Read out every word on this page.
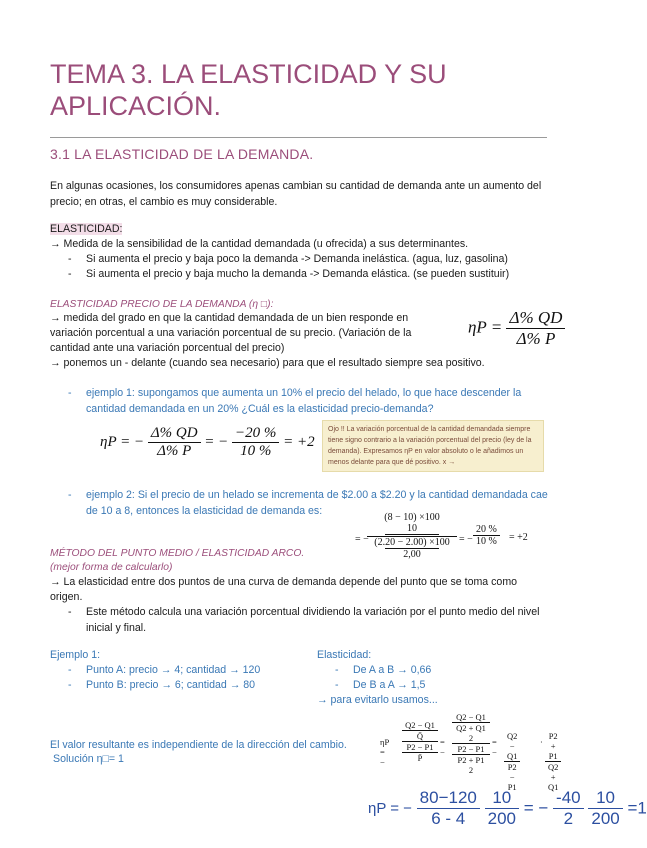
TEMA 3. LA ELASTICIDAD Y SU APLICACIÓN.
3.1 LA ELASTICIDAD DE LA DEMANDA.
En algunas ocasiones, los consumidores apenas cambian su cantidad de demanda ante un aumento del precio; en otras, el cambio es muy considerable.
ELASTICIDAD:
→ Medida de la sensibilidad de la cantidad demandada (u ofrecida) a sus determinantes.
- Si aumenta el precio y baja poco la demanda -> Demanda inelástica. (agua, luz, gasolina)
- Si aumenta el precio y baja mucho la demanda -> Demanda elástica. (se pueden sustituir)
ELASTICIDAD PRECIO DE LA DEMANDA (η □):
→ medida del grado en que la cantidad demandada de un bien responde en
variación porcentual a una variación porcentual de su precio. (Variación de la
cantidad ante una variación porcentual del precio)
→ ponemos un - delante (cuando sea necesario) para que el resultado siempre sea positivo.
$\eta P = \frac{\Delta\% QD}{\Delta\% P}$
- ejemplo 1: supongamos que aumenta un 10% el precio del helado, lo que hace descender la cantidad demandada en un 20% ¿Cuál es la elasticidad precio-demanda?
ηP = − $\frac{\Delta\% QD}{\Delta\% P}$ = − $\frac{-20 \%}{10 \%} = +2$
Ojo !! La variación porcentual de la cantidad demandada siempre tiene signo contrario a la variación porcentual del precio (ley de la demanda). Expresamos ηP en valor absoluto o le añadimos un menos delante para que dé positivo. x →
- ejemplo 2: Si el precio de un helado se incrementa de $2.00 a $2.20 y la cantidad demandada cae de 10 a 8, entonces la elasticidad de demanda es:
= −
(8 − 10) ×100
10
(2.20 − 2.00) ×100
2,00
= − $\frac{20 \%}{10 \%} = +2$
MÉTODO DEL PUNTO MEDIO / ELASTICIDAD ARCO.
(mejor forma de calcularlo)
→ La elasticidad entre dos puntos de una curva de demanda depende del punto que se toma como
origen.
- Este método calcula una variación porcentual dividiendo la variación por el punto medio del nivel inicial y final.
Ejemplo 1:
- Punto A: precio → 4; cantidad → 120
- Punto B: precio → 6; cantidad → 80
Elasticidad:
- De A a B → 0,66
- De B a A → 1,5
→ para evitarlo usamos...
El valor resultante es independiente de la dirección del cambio.
Solución η□= 1
ηP = −
Q2 − Q1
Q̄
P2 − P1
P̄
= −
Q2 − Q1
Q2 + Q1
2
P2 − P1
P2 + P1
2
= − $\frac{Q2 - Q1}{P2 - P1} \cdot \frac{P2 + P1}{Q2 + Q1}$
ηP = − $\frac{80-120}{6 - 4}$
$\frac{10}{200}$ = − $\frac{-40}{2}$
$\frac{10}{200} =1$
